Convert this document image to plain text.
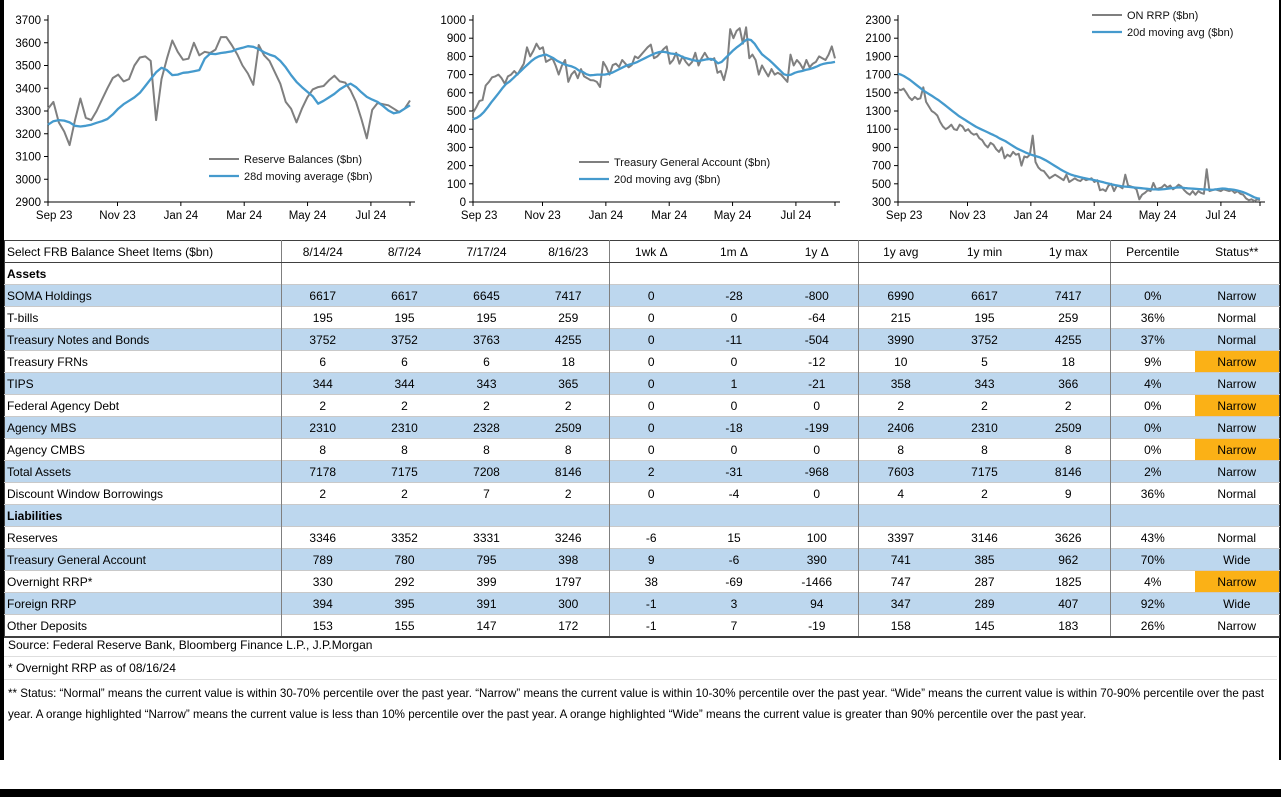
2900
3000
3100
3200
3300
3400
3500
3600
3700
Sep 23 Nov 23 Jan 24 Mar 24 May 24	Jul 24
Reserve Balances ($bn)
28d moving average ($bn)
0
100
200
300
400
500
600
700
800
900
1000
Sep 23 Nov 23 Jan 24 Mar 24 May 24	Jul 24
Treasury General Account ($bn)
20d moving avg ($bn)
300
500
700
900
1100
1300
1500
1700
1900
2100
2300
Sep 23 Nov 23 Jan 24 Mar 24 May 24	Jul 24
ON RRP ($bn)
20d moving avg ($bn)
Select FRB Balance Sheet Items ($bn)	8/14/24	8/7/24	7/17/24	8/16/23	1wk Δ	1m Δ	1y Δ	1y avg	1y min	1y max	Percentile	Status**
Assets												
SOMA Holdings	6617	6617	6645	7417	0	-28	-800	6990	6617	7417	0%	Narrow
T-bills	195	195	195	259	0	0	-64	215	195	259	36%	Normal
Treasury Notes and Bonds	3752	3752	3763	4255	0	-11	-504	3990	3752	4255	37%	Normal
Treasury FRNs	6	6	6	18	0	0	-12	10	5	18	9%	Narrow
TIPS	344	344	343	365	0	1	-21	358	343	366	4%	Narrow
Federal Agency Debt	2	2	2	2	0	0	0	2	2	2	0%	Narrow
Agency MBS	2310	2310	2328	2509	0	-18	-199	2406	2310	2509	0%	Narrow
Agency CMBS	8	8	8	8	0	0	0	8	8	8	0%	Narrow
Total Assets	7178	7175	7208	8146	2	-31	-968	7603	7175	8146	2%	Narrow
Discount Window Borrowings	2	2	7	2	0	-4	0	4	2	9	36%	Normal
Liabilities												
Reserves	3346	3352	3331	3246	-6	15	100	3397	3146	3626	43%	Normal
Treasury General Account	789	780	795	398	9	-6	390	741	385	962	70%	Wide
Overnight RRP*	330	292	399	1797	38	-69	-1466	747	287	1825	4%	Narrow
Foreign RRP	394	395	391	300	-1	3	94	347	289	407	92%	Wide
Other Deposits	153	155	147	172	-1	7	-19	158	145	183	26%	Narrow
Source: Federal Reserve Bank, Bloomberg Finance L.P., J.P.Morgan
* Overnight RRP as of 08/16/24
** Status: “Normal” means the current value is within 30-70% percentile over the past year. “Narrow” means the current value is within 10-30% percentile over the past year. “Wide” means the current value is within 70-90% percentile over the past year. A orange highlighted “Narrow” means the current value is less than 10% percentile over the past year. A orange highlighted “Wide” means the current value is greater than 90% percentile over the past year.
